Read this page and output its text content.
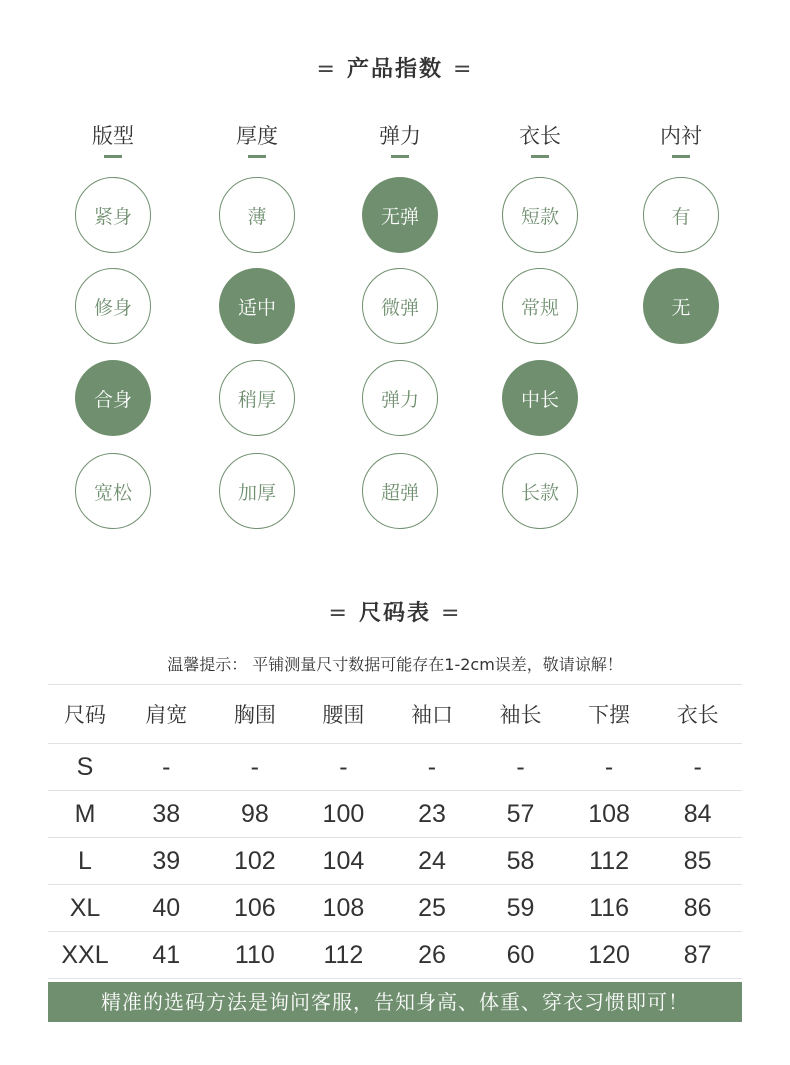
= 产品指数 =
版型
紧身
修身
合身
宽松
厚度
薄
适中
稍厚
加厚
弹力
无弹
微弹
弹力
超弹
衣长
短款
常规
中长
长款
内衬
有
无
= 尺码表 =
温馨提示： 平铺测量尺寸数据可能存在1-2cm误差，敬请谅解！
尺码	肩宽	胸围	腰围	袖口	袖长	下摆	衣长
S	-	-	-	-	-	-	-
M	38	98	100	23	57	108	84
L	39	102	104	24	58	112	85
XL	40	106	108	25	59	116	86
XXL	41	110	112	26	60	120	87
精准的选码方法是询问客服，告知身高、体重、穿衣习惯即可！
